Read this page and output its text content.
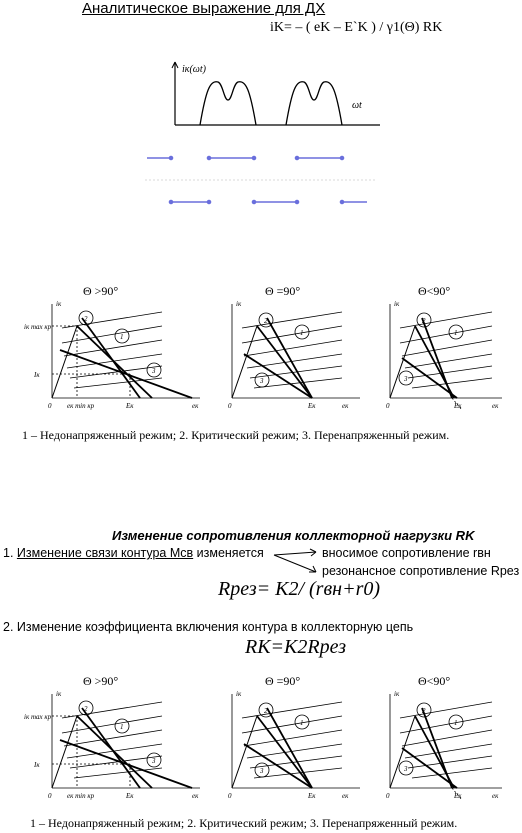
Аналитическое выражение для ДХ
iK= – ( eK – E`K ) / γ1(Θ) RK
iк(ωt)
ωt
Θ >90°	Θ =90°	Θ<90°
iк
iк max кр
Iк
0 eк min кр	Eк	eк
iк
0	Eк	eк
iк
0	Eк	eк
2
1
3
2
1
3
2
1
3
1 – Недонапряженный режим; 2. Критический режим; 3. Перенапряженный режим.
Изменение сопротивления коллекторной нагрузки RK
1. Изменение связи контура Mсв изменяется	вносимое сопротивление rвн
резонансное сопротивление Rрез
Rрез= K2/ (rвн+r0)
2. Изменение коэффициента включения контура в коллекторную цепь
RK=K2Rрез
Θ >90°	Θ =90°	Θ<90°
iк
iк max кр
Iк
0 eк min кр	Eк	eк
iк
0	Eк	eк
iк
0	Eк	eк
2
1
3
2
1
3
2
1
3
1 – Недонапряженный режим; 2. Критический режим; 3. Перенапряженный режим.
